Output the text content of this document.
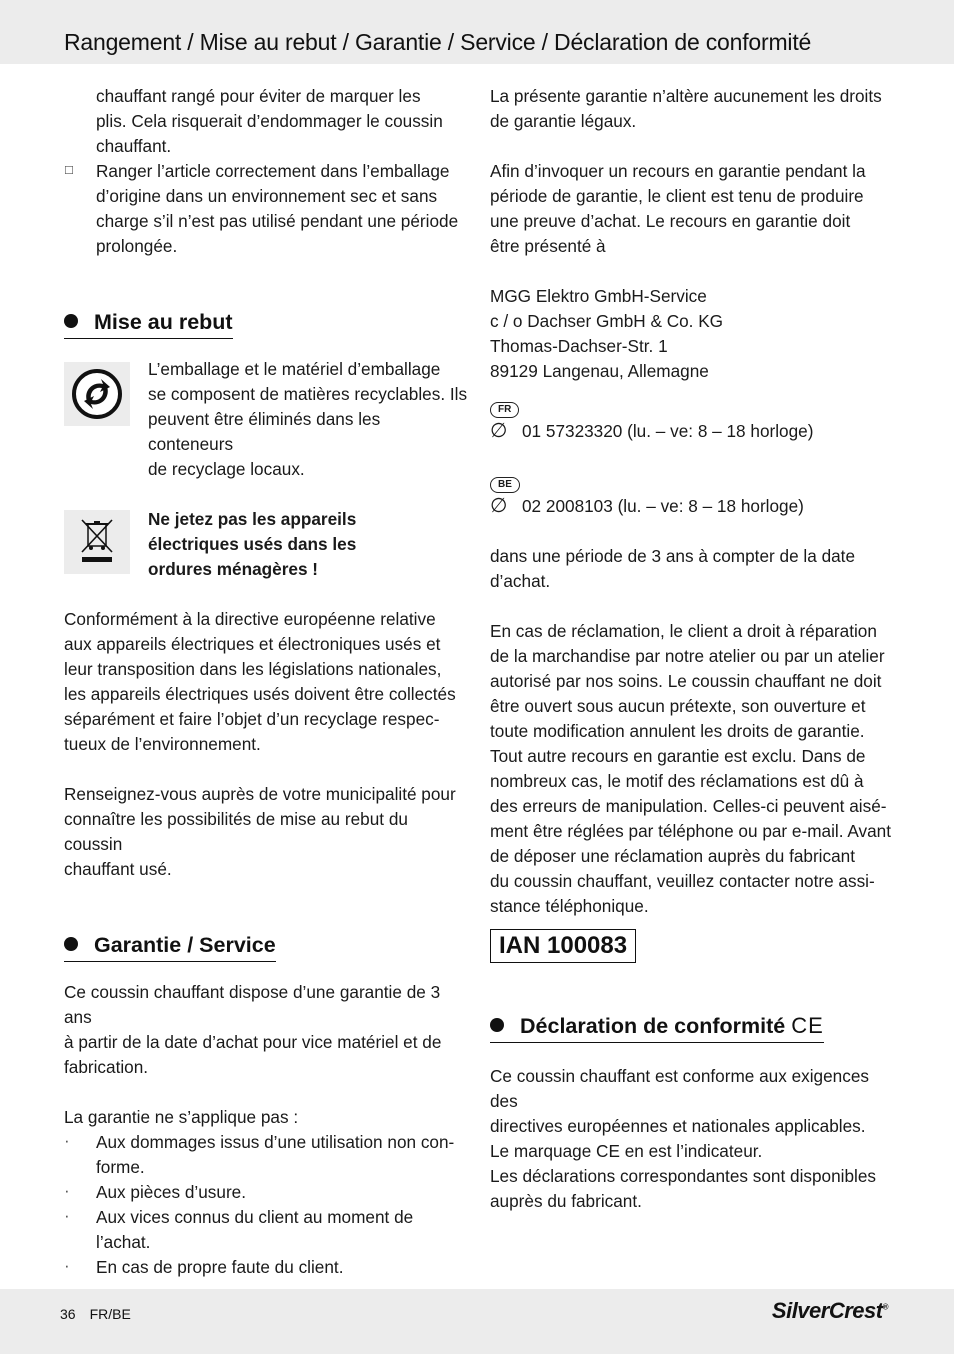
Rangement / Mise au rebut / Garantie / Service / Déclaration de conformité

chauffant rangé pour éviter de marquer les

plis. Cela risquerait d’endommager le coussin

chauffant.

☐ Ranger l’article correctement dans l’emballage

d’origine dans un environnement sec et sans

charge s’il n’est pas utilisé pendant une période

prolongée.

Mise au rebut

L’emballage et le matériel d’emballage

se composent de matières recyclables. Ils

peuvent être éliminés dans les conteneurs

de recyclage locaux.

Ne jetez pas les appareils

électriques usés dans les

ordures ménagères !

Conformément à la directive européenne relative

aux appareils électriques et électroniques usés et

leur transposition dans les législations nationales,

les appareils électriques usés doivent être collectés

séparément et faire l’objet d’un recyclage respec-

tueux de l’environnement.

Renseignez-vous auprès de votre municipalité pour

connaître les possibilités de mise au rebut du coussin

chauffant usé.

Garantie / Service

Ce coussin chauffant dispose d’une garantie de 3 ans

à partir de la date d’achat pour vice matériel et de

fabrication.

La garantie ne s’applique pas :

· Aux dommages issus d’une utilisation non con-

forme.

· Aux pièces d’usure.

· Aux vices connus du client au moment de

l’achat.

· En cas de propre faute du client.

La présente garantie n’altère aucunement les droits

de garantie légaux.

Afin d’invoquer un recours en garantie pendant la

période de garantie, le client est tenu de produire

une preuve d’achat. Le recours en garantie doit

être présenté à

MGG Elektro GmbH-Service

c / o Dachser GmbH & Co. KG

Thomas-Dachser-Str. 1

89129 Langenau, Allemagne

FR
∅ 01 57323320 (lu. – ve: 8 – 18 horloge)

BE
∅ 02 2008103 (lu. – ve: 8 – 18 horloge)

dans une période de 3 ans à compter de la date

d’achat.

En cas de réclamation, le client a droit à réparation

de la marchandise par notre atelier ou par un atelier

autorisé par nos soins. Le coussin chauffant ne doit

être ouvert sous aucun prétexte, son ouverture et

toute modification annulent les droits de garantie.

Tout autre recours en garantie est exclu. Dans de

nombreux cas, le motif des réclamations est dû à

des erreurs de manipulation. Celles-ci peuvent aisé-

ment être réglées par téléphone ou par e-mail. Avant

de déposer une réclamation auprès du fabricant

du coussin chauffant, veuillez contacter notre assi-

stance téléphonique.

IAN 100083
Déclaration de conformité CE

Ce coussin chauffant est conforme aux exigences des

directives européennes et nationales applicables.

Le marquage CE en est l’indicateur.

Les déclarations correspondantes sont disponibles

auprès du fabricant.

36 FR/BE	SilverCrest®
